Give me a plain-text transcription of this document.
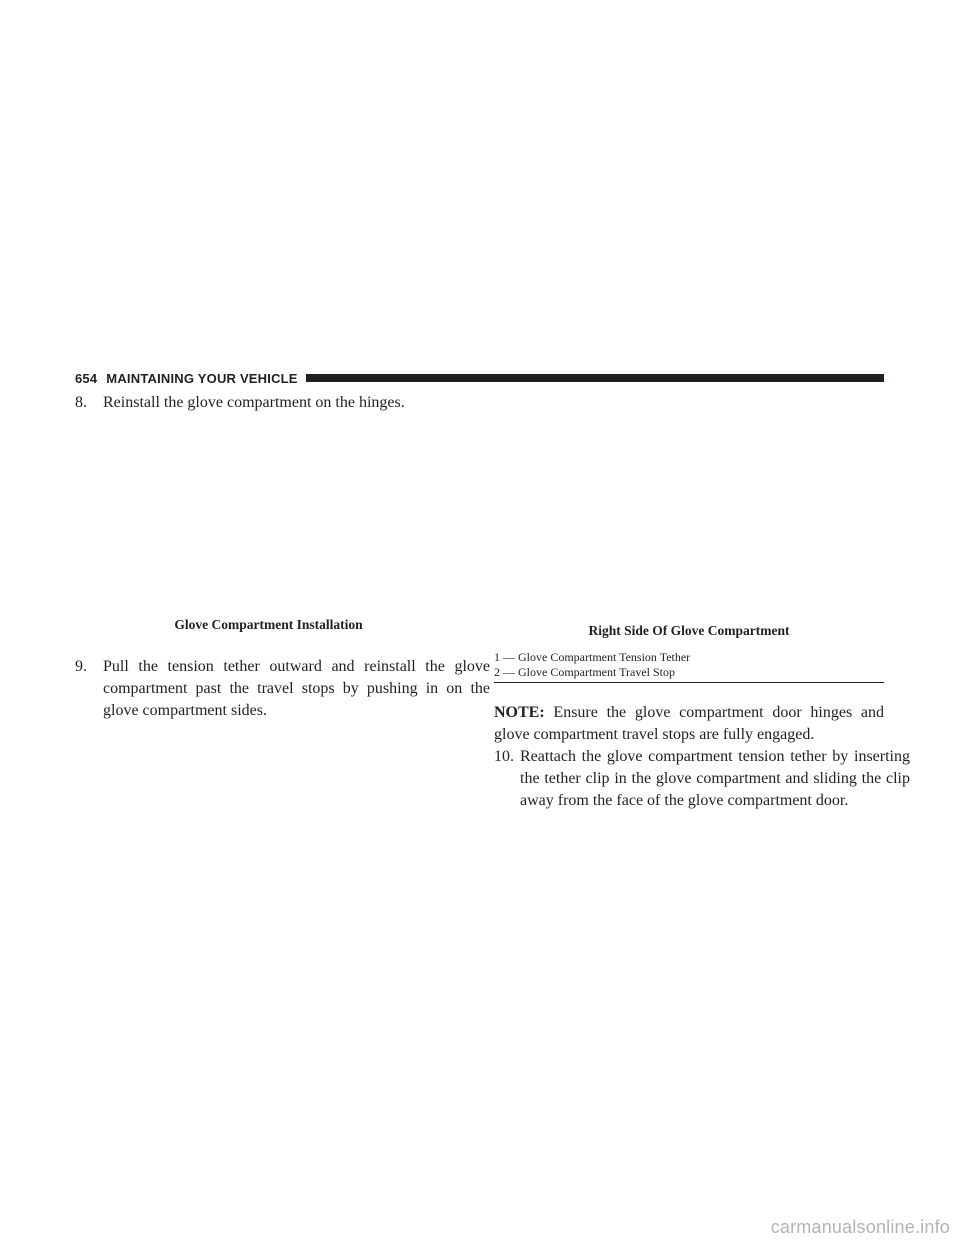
654 MAINTAINING YOUR VEHICLE
8. Reinstall the glove compartment on the hinges.
Glove Compartment Installation
9. Pull the tension tether outward and reinstall the glove compartment past the travel stops by pushing in on the glove compartment sides.
Right Side Of Glove Compartment
1 — Glove Compartment Tension Tether
2 — Glove Compartment Travel Stop
NOTE: Ensure the glove compartment door hinges and glove compartment travel stops are fully engaged.
10. Reattach the glove compartment tension tether by inserting the tether clip in the glove compartment and sliding the clip away from the face of the glove compartment door.
carmanualsonline.info
